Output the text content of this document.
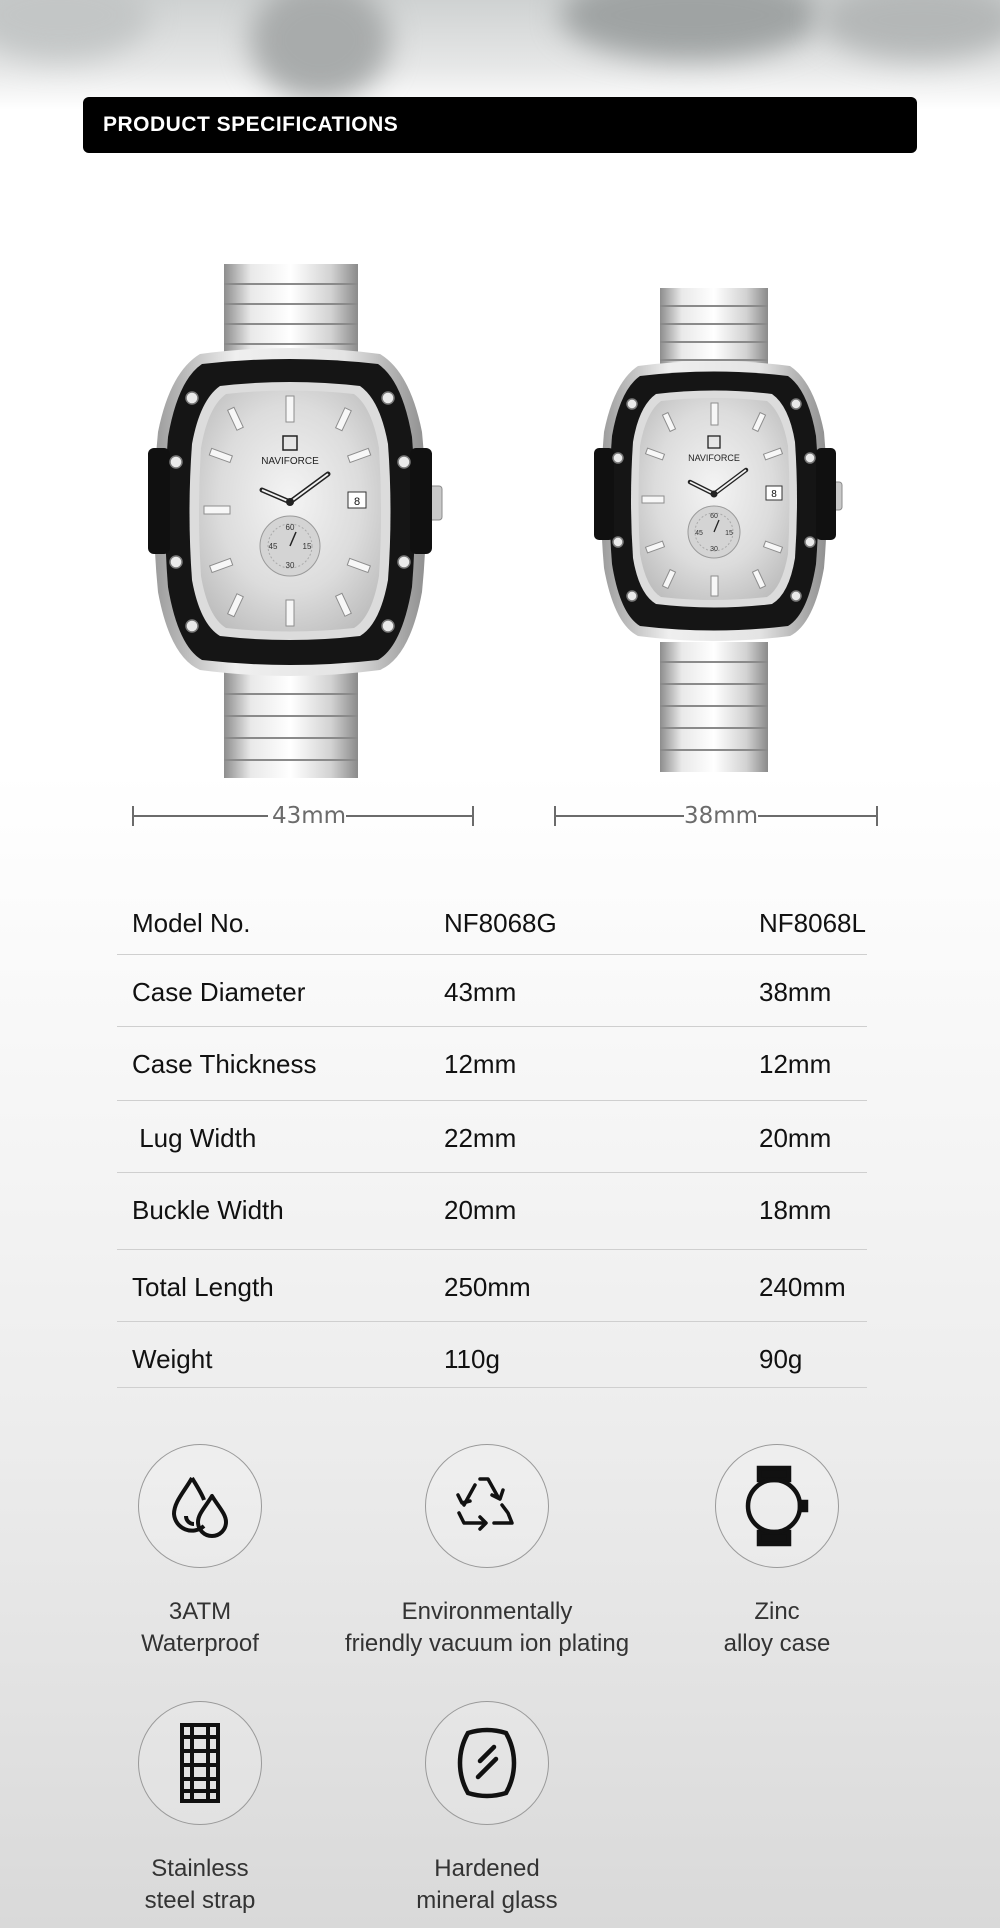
PRODUCT SPECIFICATIONS
NAVIFORCE
8
60
15
30
45
NAVIFORCE
8
60
15
30
45
43mm	38mm
Model No.	NF8068G	NF8068L
Case Diameter	43mm	38mm
Case Thickness	12mm	12mm
Lug Width	22mm	20mm
Buckle Width	20mm	18mm
Total Length	250mm	240mm
Weight	110g	90g
3ATM
Waterproof
Environmentally
friendly vacuum ion plating
Zinc
alloy case
Stainless
steel strap
Hardened
mineral glass
